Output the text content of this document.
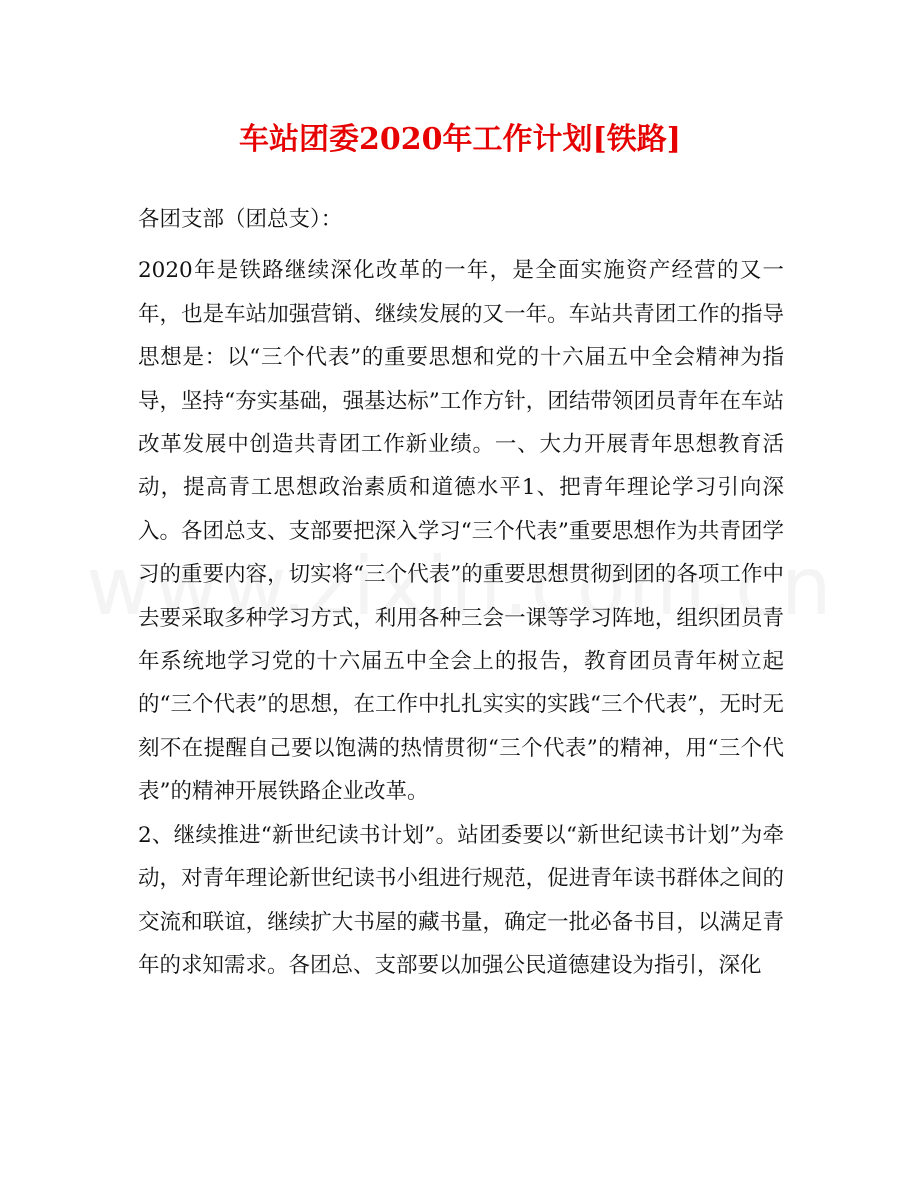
车站团委2020年工作计划[铁路]

各团支部（团总支）：

2020年是铁路继续深化改革的一年，是全面实施资产经营的又一年，也是车站加强营销、继续发展的又一年。车站共青团工作的指导思想是：以“三个代表”的重要思想和党的十六届五中全会精神为指导，坚持“夯实基础，强基达标”工作方针，团结带领团员青年在车站改革发展中创造共青团工作新业绩。一、大力开展青年思想教育活动，提高青工思想政治素质和道德水平1、把青年理论学习引向深入。各团总支、支部要把深入学习“三个代表”重要思想作为共青团学习的重要内容，切实将“三个代表”的重要思想贯彻到团的各项工作中去要采取多种学习方式，利用各种三会一课等学习阵地，组织团员青年系统地学习党的十六届五中全会上的报告，教育团员青年树立起的“三个代表”的思想，在工作中扎扎实实的实践“三个代表”，无时无刻不在提醒自己要以饱满的热情贯彻“三个代表”的精神，用“三个代表”的精神开展铁路企业改革。

2、继续推进“新世纪读书计划”。站团委要以“新世纪读书计划”为牵动，对青年理论新世纪读书小组进行规范，促进青年读书群体之间的交流和联谊，继续扩大书屋的藏书量，确定一批必备书目，以满足青年的求知需求。各团总、支部要以加强公民道德建设为指引，深化
